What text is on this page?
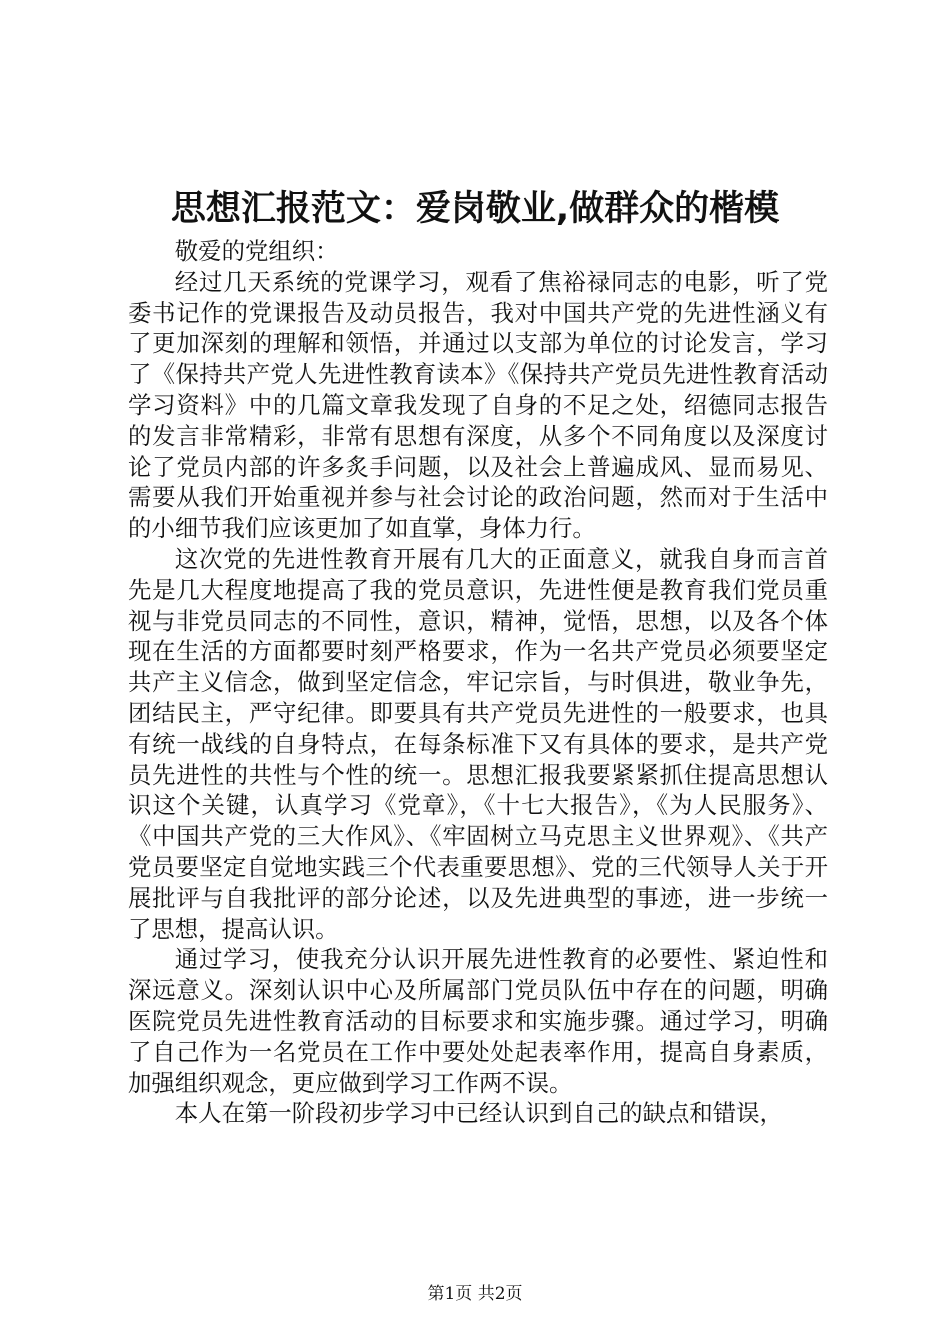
思想汇报范文：爱岗敬业,做群众的楷模

敬爱的党组织：

经过几天系统的党课学习，观看了焦裕禄同志的电影，听了党委书记作的党课报告及动员报告，我对中国共产党的先进性涵义有了更加深刻的理解和领悟，并通过以支部为单位的讨论发言，学习了《保持共产党人先进性教育读本》《保持共产党员先进性教育活动学习资料》中的几篇文章我发现了自身的不足之处，绍德同志报告的发言非常精彩，非常有思想有深度，从多个不同角度以及深度讨论了党员内部的许多炙手问题，以及社会上普遍成风、显而易见、需要从我们开始重视并参与社会讨论的政治问题，然而对于生活中的小细节我们应该更加了如直掌，身体力行。

这次党的先进性教育开展有几大的正面意义，就我自身而言首先是几大程度地提高了我的党员意识，先进性便是教育我们党员重视与非党员同志的不同性，意识，精神，觉悟，思想，以及各个体现在生活的方面都要时刻严格要求，作为一名共产党员必须要坚定共产主义信念，做到坚定信念，牢记宗旨，与时俱进，敬业争先，团结民主，严守纪律。即要具有共产党员先进性的一般要求，也具有统一战线的自身特点，在每条标准下又有具体的要求，是共产党员先进性的共性与个性的统一。思想汇报我要紧紧抓住提高思想认识这个关键，认真学习《党章》，《十七大报告》，《为人民服务》、《中国共产党的三大作风》、《牢固树立马克思主义世界观》、《共产党员要坚定自觉地实践三个代表重要思想》、党的三代领导人关于开展批评与自我批评的部分论述，以及先进典型的事迹，进一步统一了思想，提高认识。

通过学习，使我充分认识开展先进性教育的必要性、紧迫性和深远意义。深刻认识中心及所属部门党员队伍中存在的问题，明确医院党员先进性教育活动的目标要求和实施步骤。通过学习，明确了自己作为一名党员在工作中要处处起表率作用，提高自身素质，加强组织观念，更应做到学习工作两不误。

本人在第一阶段初步学习中已经认识到自己的缺点和错误，

第1页 共2页
